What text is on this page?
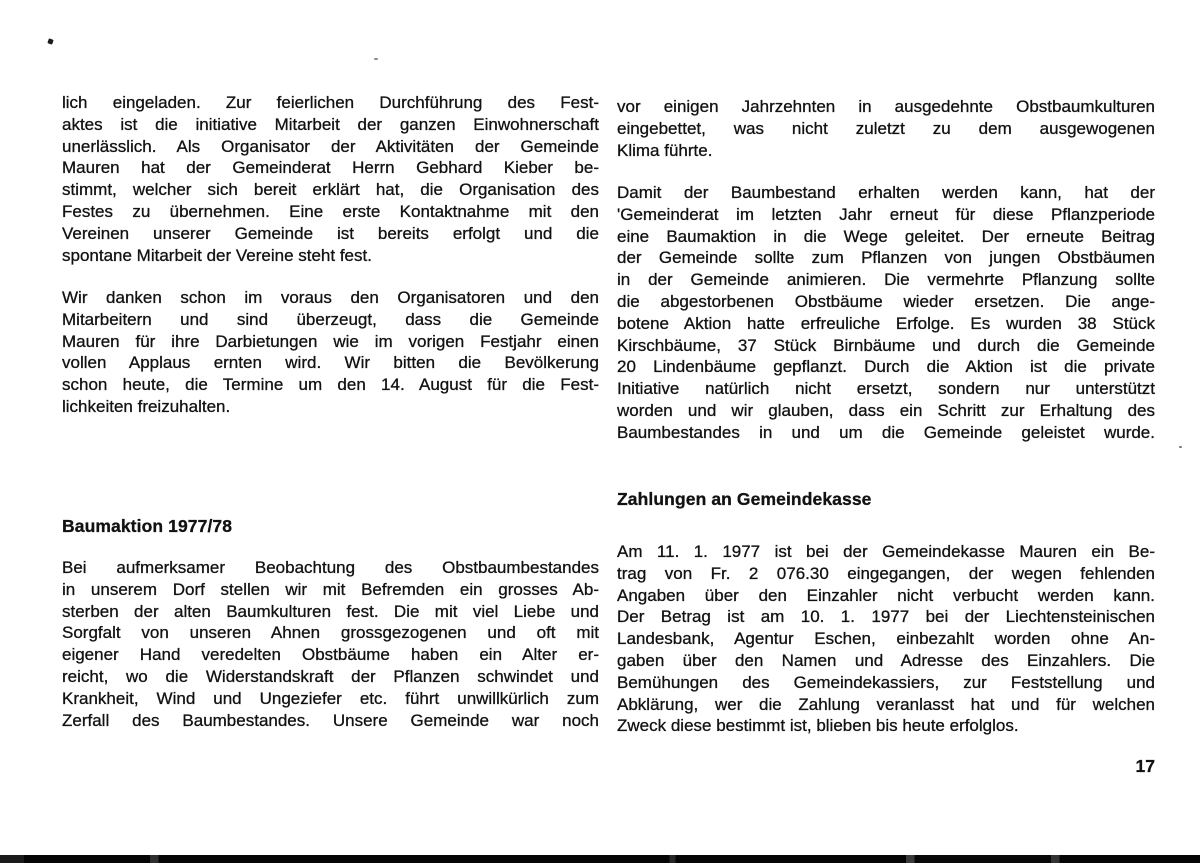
lich eingeladen. Zur feierlichen Durchführung des Fest-
aktes ist die initiative Mitarbeit der ganzen Einwohnerschaft
unerlässlich. Als Organisator der Aktivitäten der Gemeinde
Mauren hat der Gemeinderat Herrn Gebhard Kieber be-
stimmt, welcher sich bereit erklärt hat, die Organisation des
Festes zu übernehmen. Eine erste Kontaktnahme mit den
Vereinen unserer Gemeinde ist bereits erfolgt und die
spontane Mitarbeit der Vereine steht fest.
Wir danken schon im voraus den Organisatoren und den
Mitarbeitern und sind überzeugt, dass die Gemeinde
Mauren für ihre Darbietungen wie im vorigen Festjahr einen
vollen Applaus ernten wird. Wir bitten die Bevölkerung
schon heute, die Termine um den 14. August für die Fest-
lichkeiten freizuhalten.
Baumaktion 1977/78
Bei aufmerksamer Beobachtung des Obstbaumbestandes
in unserem Dorf stellen wir mit Befremden ein grosses Ab-
sterben der alten Baumkulturen fest. Die mit viel Liebe und
Sorgfalt von unseren Ahnen grossgezogenen und oft mit
eigener Hand veredelten Obstbäume haben ein Alter er-
reicht, wo die Widerstandskraft der Pflanzen schwindet und
Krankheit, Wind und Ungeziefer etc. führt unwillkürlich zum
Zerfall des Baumbestandes. Unsere Gemeinde war noch
vor einigen Jahrzehnten in ausgedehnte Obstbaumkulturen
eingebettet, was nicht zuletzt zu dem ausgewogenen
Klima führte.
Damit der Baumbestand erhalten werden kann, hat der
'Gemeinderat im letzten Jahr erneut für diese Pflanzperiode
eine Baumaktion in die Wege geleitet. Der erneute Beitrag
der Gemeinde sollte zum Pflanzen von jungen Obstbäumen
in der Gemeinde animieren. Die vermehrte Pflanzung sollte
die abgestorbenen Obstbäume wieder ersetzen. Die ange-
botene Aktion hatte erfreuliche Erfolge. Es wurden 38 Stück
Kirschbäume, 37 Stück Birnbäume und durch die Gemeinde
20 Lindenbäume gepflanzt. Durch die Aktion ist die private
Initiative natürlich nicht ersetzt, sondern nur unterstützt
worden und wir glauben, dass ein Schritt zur Erhaltung des
Baumbestandes in und um die Gemeinde geleistet wurde.
Zahlungen an Gemeindekasse
Am 11. 1. 1977 ist bei der Gemeindekasse Mauren ein Be-
trag von Fr. 2 076.30 eingegangen, der wegen fehlenden
Angaben über den Einzahler nicht verbucht werden kann.
Der Betrag ist am 10. 1. 1977 bei der Liechtensteinischen
Landesbank, Agentur Eschen, einbezahlt worden ohne An-
gaben über den Namen und Adresse des Einzahlers. Die
Bemühungen des Gemeindekassiers, zur Feststellung und
Abklärung, wer die Zahlung veranlasst hat und für welchen
Zweck diese bestimmt ist, blieben bis heute erfolglos.
17
